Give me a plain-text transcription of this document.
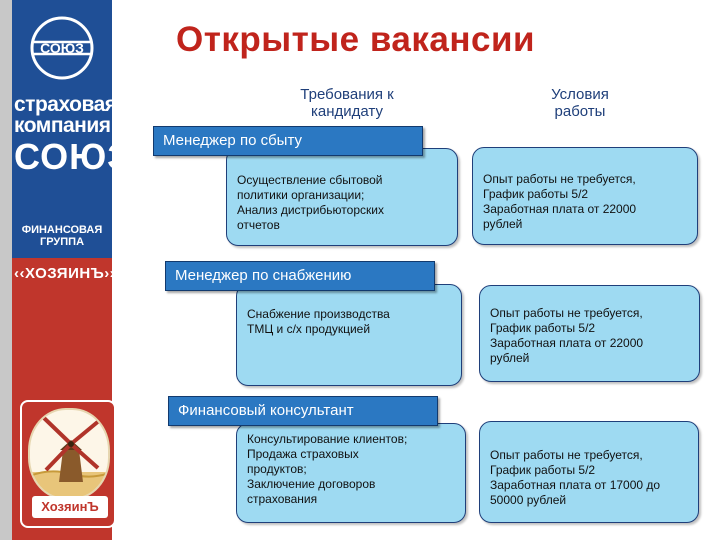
СОЮЗ
страховая
компания
СОЮЗ
ФИНАНСОВАЯ
ГРУППА
‹‹ХОЗЯИНЪ››
ХозяинЪ
Открытые вакансии
Требования к
кандидату
Условия
работы
Осуществление сбытовой
политики организации;
Анализ дистрибьюторских
отчетов
Опыт работы не требуется,
График работы 5/2
Заработная плата от 22000
рублей
Менеджер по сбыту
Снабжение производства
ТМЦ и с/х продукцией
Опыт работы не требуется,
График работы 5/2
Заработная плата от 22000
рублей
Менеджер по снабжению
Консультирование клиентов;
Продажа страховых
продуктов;
Заключение договоров
страхования
Опыт работы не требуется,
График работы 5/2
Заработная плата от 17000 до
50000 рублей
Финансовый консультант
